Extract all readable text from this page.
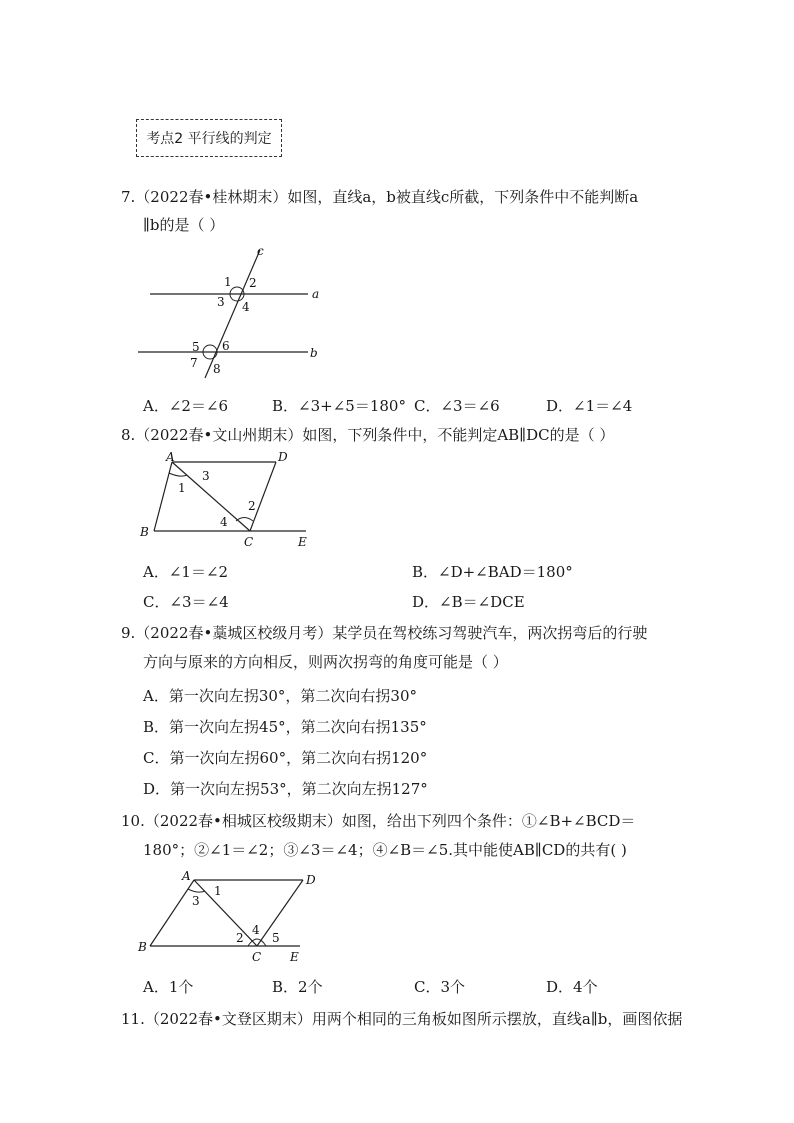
考点2 平行线的判定
7.（2022春•桂林期末）如图，直线a，b被直线c所截，下列条件中不能判断a
∥b的是（ ）
c
a
b
1 2
3 4
5 6
7 8
A．∠2＝∠6	B．∠3+∠5＝180° C．∠3＝∠6	D．∠1＝∠4
8.（2022春•文山州期末）如图，下列条件中，不能判定AB∥DC的是（ ）
A	D
B
C	E
1
2
3
4
A．∠1＝∠2	B．∠D+∠BAD＝180°
C．∠3＝∠4	D．∠B＝∠DCE
9.（2022春•藁城区校级月考）某学员在驾校练习驾驶汽车，两次拐弯后的行驶
方向与原来的方向相反，则两次拐弯的角度可能是（ ）
A．第一次向左拐30°，第二次向右拐30°
B．第一次向左拐45°，第二次向右拐135°
C．第一次向左拐60°，第二次向右拐120°
D．第一次向左拐53°，第二次向左拐127°
10.（2022春•相城区校级期末）如图，给出下列四个条件：①∠B+∠BCD＝
180°；②∠1＝∠2；③∠3＝∠4；④∠B＝∠5.其中能使AB∥CD的共有( )
A	D
B
C E
1
2
3
4
5
A．1个	B．2个	C．3个	D．4个
11.（2022春•文登区期末）用两个相同的三角板如图所示摆放，直线a∥b，画图依据
